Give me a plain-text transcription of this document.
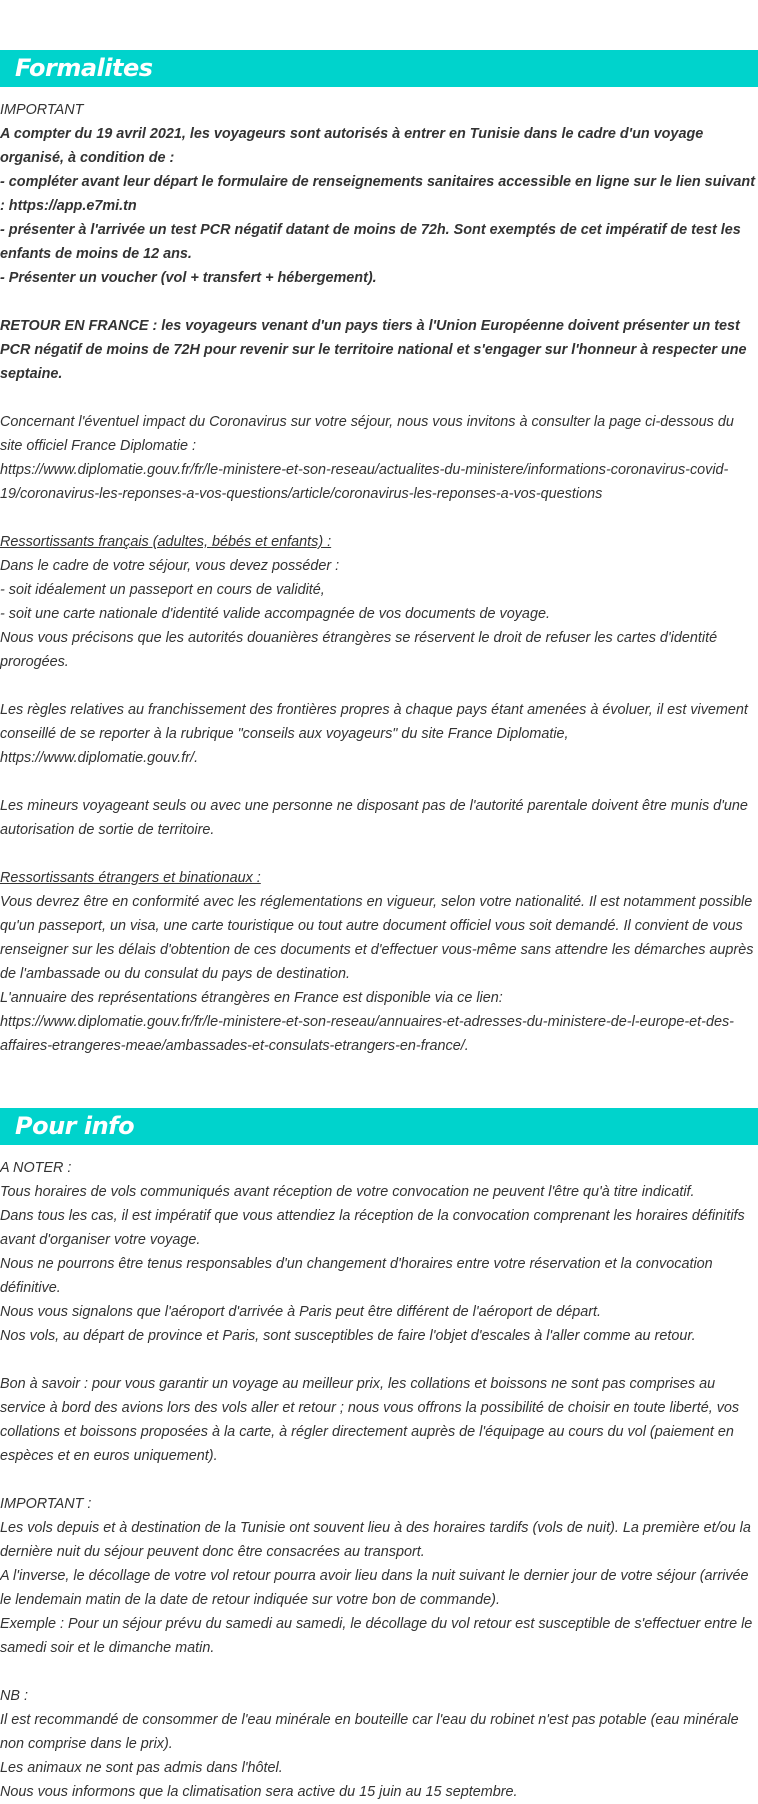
Formalites

IMPORTANT

A compter du 19 avril 2021, les voyageurs sont autorisés à entrer en Tunisie dans le cadre d'un voyage organisé, à condition de :

- compléter avant leur départ le formulaire de renseignements sanitaires accessible en ligne sur le lien suivant : https://app.e7mi.tn

- présenter à l'arrivée un test PCR négatif datant de moins de 72h. Sont exemptés de cet impératif de test les enfants de moins de 12 ans.

- Présenter un voucher (vol + transfert + hébergement).

RETOUR EN FRANCE : les voyageurs venant d'un pays tiers à l'Union Européenne doivent présenter un test PCR négatif de moins de 72H pour revenir sur le territoire national et s'engager sur l'honneur à respecter une septaine.

Concernant l'éventuel impact du Coronavirus sur votre séjour, nous vous invitons à consulter la page ci-dessous du site officiel France Diplomatie :

https://www.diplomatie.gouv.fr/fr/le-ministere-et-son-reseau/actualites-du-ministere/informations-coronavirus-covid-19/coronavirus-les-reponses-a-vos-questions/article/coronavirus-les-reponses-a-vos-questions

Ressortissants français (adultes, bébés et enfants) :

Dans le cadre de votre séjour, vous devez posséder :

- soit idéalement un passeport en cours de validité,

- soit une carte nationale d'identité valide accompagnée de vos documents de voyage.

Nous vous précisons que les autorités douanières étrangères se réservent le droit de refuser les cartes d'identité prorogées.

Les règles relatives au franchissement des frontières propres à chaque pays étant amenées à évoluer, il est vivement conseillé de se reporter à la rubrique "conseils aux voyageurs" du site France Diplomatie, https://www.diplomatie.gouv.fr/.

Les mineurs voyageant seuls ou avec une personne ne disposant pas de l'autorité parentale doivent être munis d'une autorisation de sortie de territoire.

Ressortissants étrangers et binationaux :

Vous devrez être en conformité avec les réglementations en vigueur, selon votre nationalité. Il est notamment possible qu'un passeport, un visa, une carte touristique ou tout autre document officiel vous soit demandé. Il convient de vous renseigner sur les délais d'obtention de ces documents et d'effectuer vous-même sans attendre les démarches auprès de l'ambassade ou du consulat du pays de destination.

L'annuaire des représentations étrangères en France est disponible via ce lien:

https://www.diplomatie.gouv.fr/fr/le-ministere-et-son-reseau/annuaires-et-adresses-du-ministere-de-l-europe-et-des-affaires-etrangeres-meae/ambassades-et-consulats-etrangers-en-france/.

Pour info

A NOTER :

Tous horaires de vols communiqués avant réception de votre convocation ne peuvent l'être qu'à titre indicatif.

Dans tous les cas, il est impératif que vous attendiez la réception de la convocation comprenant les horaires définitifs avant d'organiser votre voyage.

Nous ne pourrons être tenus responsables d'un changement d'horaires entre votre réservation et la convocation définitive.

Nous vous signalons que l'aéroport d'arrivée à Paris peut être différent de l'aéroport de départ.

Nos vols, au départ de province et Paris, sont susceptibles de faire l'objet d'escales à l'aller comme au retour.

Bon à savoir : pour vous garantir un voyage au meilleur prix, les collations et boissons ne sont pas comprises au service à bord des avions lors des vols aller et retour ; nous vous offrons la possibilité de choisir en toute liberté, vos collations et boissons proposées à la carte, à régler directement auprès de l'équipage au cours du vol (paiement en espèces et en euros uniquement).

IMPORTANT :

Les vols depuis et à destination de la Tunisie ont souvent lieu à des horaires tardifs (vols de nuit). La première et/ou la dernière nuit du séjour peuvent donc être consacrées au transport.

A l'inverse, le décollage de votre vol retour pourra avoir lieu dans la nuit suivant le dernier jour de votre séjour (arrivée le lendemain matin de la date de retour indiquée sur votre bon de commande).

Exemple : Pour un séjour prévu du samedi au samedi, le décollage du vol retour est susceptible de s'effectuer entre le samedi soir et le dimanche matin.

NB :

Il est recommandé de consommer de l'eau minérale en bouteille car l'eau du robinet n'est pas potable (eau minérale non comprise dans le prix).

Les animaux ne sont pas admis dans l'hôtel.

Nous vous informons que la climatisation sera active du 15 juin au 15 septembre.
